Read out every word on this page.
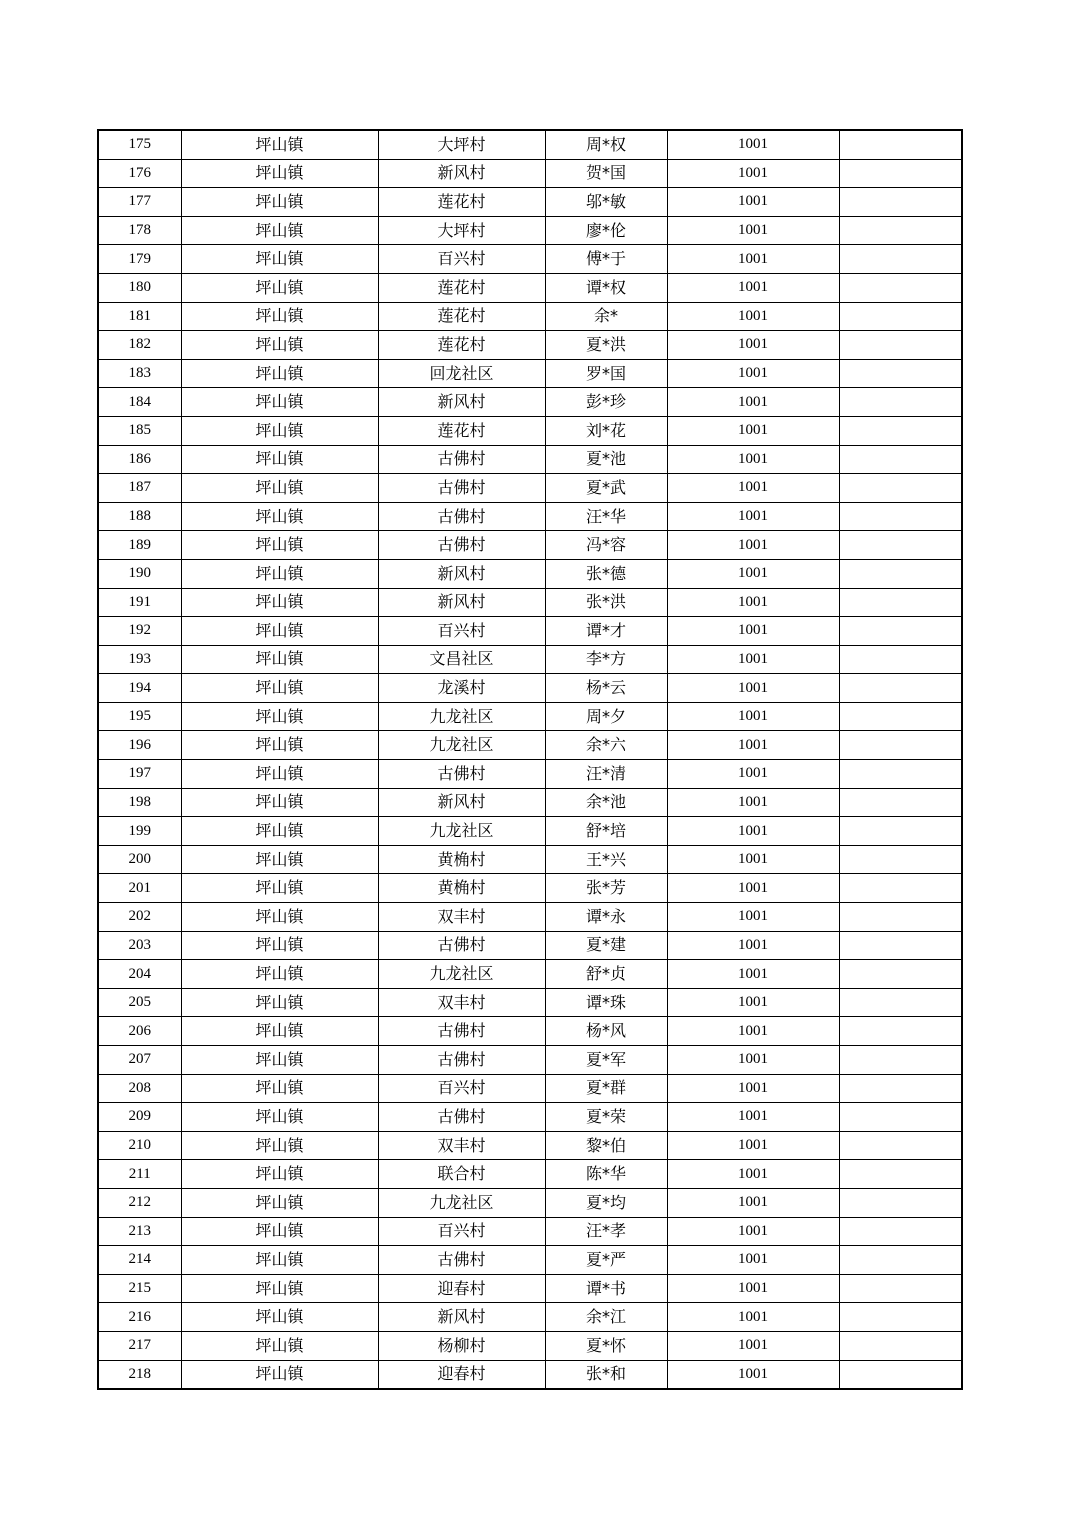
175	坪山镇	大坪村	周*权	1001	
176	坪山镇	新风村	贺*国	1001	
177	坪山镇	莲花村	邬*敏	1001	
178	坪山镇	大坪村	廖*伦	1001	
179	坪山镇	百兴村	傅*于	1001	
180	坪山镇	莲花村	谭*权	1001	
181	坪山镇	莲花村	余*	1001	
182	坪山镇	莲花村	夏*洪	1001	
183	坪山镇	回龙社区	罗*国	1001	
184	坪山镇	新风村	彭*珍	1001	
185	坪山镇	莲花村	刘*花	1001	
186	坪山镇	古佛村	夏*池	1001	
187	坪山镇	古佛村	夏*武	1001	
188	坪山镇	古佛村	汪*华	1001	
189	坪山镇	古佛村	冯*容	1001	
190	坪山镇	新风村	张*德	1001	
191	坪山镇	新风村	张*洪	1001	
192	坪山镇	百兴村	谭*才	1001	
193	坪山镇	文昌社区	李*方	1001	
194	坪山镇	龙溪村	杨*云	1001	
195	坪山镇	九龙社区	周*夕	1001	
196	坪山镇	九龙社区	余*六	1001	
197	坪山镇	古佛村	汪*清	1001	
198	坪山镇	新风村	余*池	1001	
199	坪山镇	九龙社区	舒*培	1001	
200	坪山镇	黄桷村	王*兴	1001	
201	坪山镇	黄桷村	张*芳	1001	
202	坪山镇	双丰村	谭*永	1001	
203	坪山镇	古佛村	夏*建	1001	
204	坪山镇	九龙社区	舒*贞	1001	
205	坪山镇	双丰村	谭*珠	1001	
206	坪山镇	古佛村	杨*风	1001	
207	坪山镇	古佛村	夏*军	1001	
208	坪山镇	百兴村	夏*群	1001	
209	坪山镇	古佛村	夏*荣	1001	
210	坪山镇	双丰村	黎*伯	1001	
211	坪山镇	联合村	陈*华	1001	
212	坪山镇	九龙社区	夏*均	1001	
213	坪山镇	百兴村	汪*孝	1001	
214	坪山镇	古佛村	夏*严	1001	
215	坪山镇	迎春村	谭*书	1001	
216	坪山镇	新风村	余*江	1001	
217	坪山镇	杨柳村	夏*怀	1001	
218	坪山镇	迎春村	张*和	1001	
